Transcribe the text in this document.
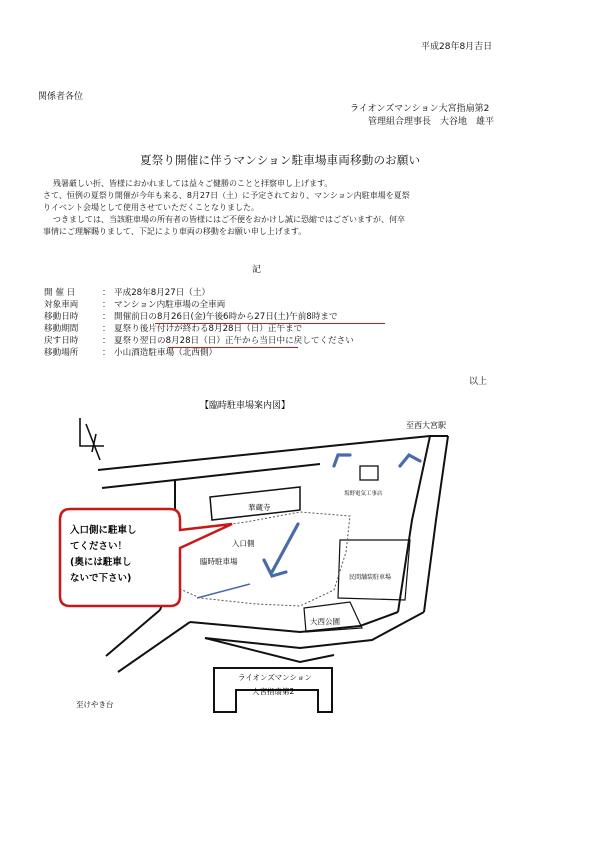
平成28年8月吉日
関係者各位
ライオンズマンション大宮指扇第2
管理組合理事長　大谷地　雄平
夏祭り開催に伴うマンション駐車場車両移動のお願い
残暑厳しい折、皆様におかれましては益々ご健勝のことと拝察申し上げます。
さて、恒例の夏祭り開催が今年も来る、8月27日（土）に予定されており、マンション内駐車場を夏祭
りイベント会場として使用させていただくことなりました。
つきましては、当該駐車場の所有者の皆様にはご不便をおかけし誠に恐縮ではございますが、何卒
事情にご理解賜りまして、下記により車両の移動をお願い申し上げます。
記
開 催 日	： 平成28年8月27日（土）
対象車両	： マンション内駐車場の全車両
移動日時	： 開催前日の8月26日(金)午後6時から27日(土)午前8時まで
移動期間	： 夏祭り後片付けが終わる8月28日（日）正午まで
戻す日時	： 夏祭り翌日の8月28日（日）正午から当日中に戻してください
移動場所	： 小山酒造駐車場（北西側）
以上
【臨時駐車場案内図】
至西大宮駅
至けやき台
華蔵寺
坂野電気工事店
民間舗装駐車場
大西公園
入口側
臨時駐車場
入口側に駐車し
てください！
(奥には駐車し
ないで下さい)
ライオンズマンション
大宮指扇第2
